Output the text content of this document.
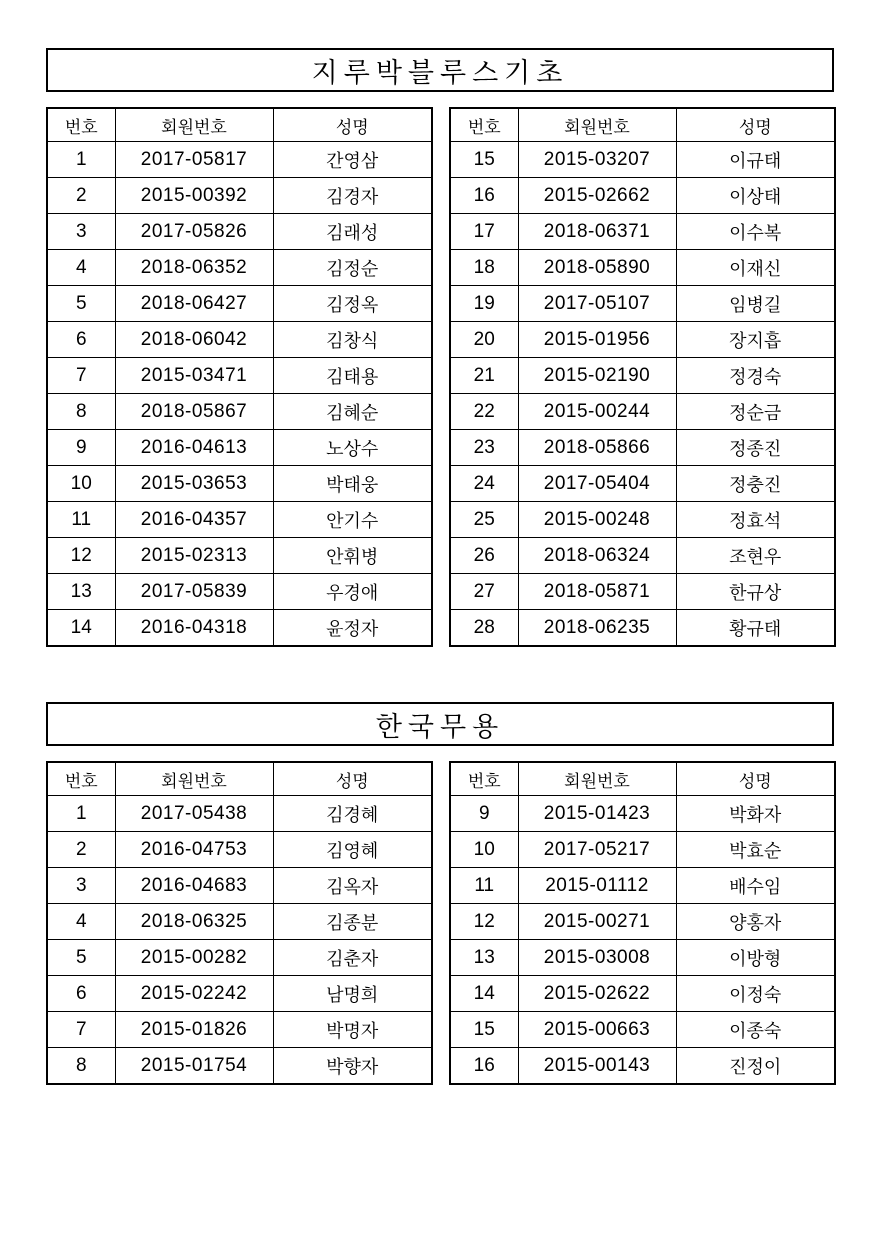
지루박블루스기초
번호	회원번호	성명
1	2017-05817	간영삼
2	2015-00392	김경자
3	2017-05826	김래성
4	2018-06352	김정순
5	2018-06427	김정옥
6	2018-06042	김창식
7	2015-03471	김태용
8	2018-05867	김혜순
9	2016-04613	노상수
10	2015-03653	박태웅
11	2016-04357	안기수
12	2015-02313	안휘병
13	2017-05839	우경애
14	2016-04318	윤정자
번호	회원번호	성명
15	2015-03207	이규태
16	2015-02662	이상태
17	2018-06371	이수복
18	2018-05890	이재신
19	2017-05107	임병길
20	2015-01956	장지흡
21	2015-02190	정경숙
22	2015-00244	정순금
23	2018-05866	정종진
24	2017-05404	정충진
25	2015-00248	정효석
26	2018-06324	조현우
27	2018-05871	한규상
28	2018-06235	황규태
한국무용
번호	회원번호	성명
1	2017-05438	김경혜
2	2016-04753	김영혜
3	2016-04683	김옥자
4	2018-06325	김종분
5	2015-00282	김춘자
6	2015-02242	남명희
7	2015-01826	박명자
8	2015-01754	박향자
번호	회원번호	성명
9	2015-01423	박화자
10	2017-05217	박효순
11	2015-01112	배수임
12	2015-00271	양홍자
13	2015-03008	이방형
14	2015-02622	이정숙
15	2015-00663	이종숙
16	2015-00143	진정이
